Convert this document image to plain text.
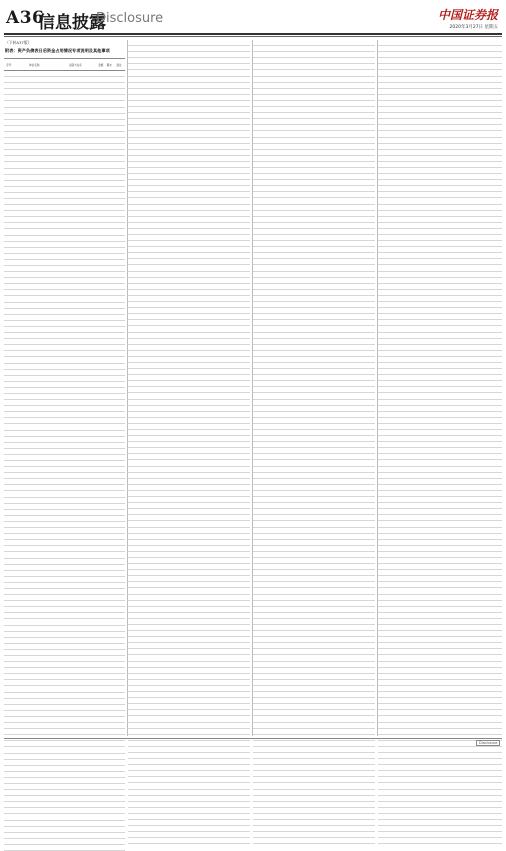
A36
信息披露
Disclosure	中国证券报
2020年3月27日 星期五
（下转A37版）
附表：资产负债表日后资金占用情况专项说明及其他事项
序号	单位名称	关联方关系	金额	期末	备注

Disclosure
